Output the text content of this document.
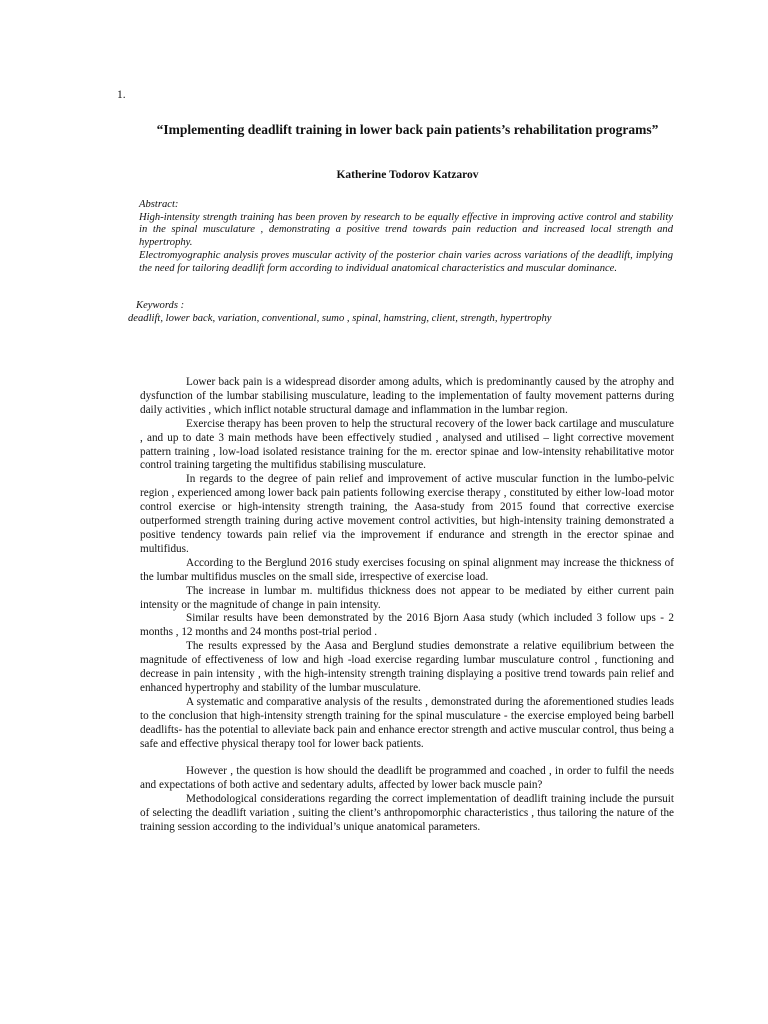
1.
“Implementing deadlift training in lower back pain patients’s rehabilitation programs”
Katherine Todorov Katzarov

Abstract:

High-intensity strength training has been proven by research to be equally effective in improving active control and stability in the spinal musculature , demonstrating a positive trend towards pain reduction and increased local strength and hypertrophy.

Electromyographic analysis proves muscular activity of the posterior chain varies across variations of the deadlift, implying the need for tailoring deadlift form according to individual anatomical characteristics and muscular dominance.

Keywords :
deadlift, lower back, variation, conventional, sumo , spinal, hamstring, client, strength, hypertrophy

Lower back pain is a widespread disorder among adults, which is predominantly caused by the atrophy and dysfunction of the lumbar stabilising musculature, leading to the implementation of faulty movement patterns during daily activities , which inflict notable structural damage and inflammation in the lumbar region.

Exercise therapy has been proven to help the structural recovery of the lower back cartilage and musculature , and up to date 3 main methods have been effectively studied , analysed and utilised – light corrective movement pattern training , low-load isolated resistance training for the m. erector spinae and low-intensity rehabilitative motor control training targeting the multifidus stabilising musculature.

In regards to the degree of pain relief and improvement of active muscular function in the lumbo-pelvic region , experienced among lower back pain patients following exercise therapy , constituted by either low-load motor control exercise or high-intensity strength training, the Aasa-study from 2015 found that corrective exercise outperformed strength training during active movement control activities, but high-intensity training demonstrated a positive tendency towards pain relief via the improvement if endurance and strength in the erector spinae and multifidus.

According to the Berglund 2016 study exercises focusing on spinal alignment may increase the thickness of the lumbar multifidus muscles on the small side, irrespective of exercise load.

The increase in lumbar m. multifidus thickness does not appear to be mediated by either current pain intensity or the magnitude of change in pain intensity.

Similar results have been demonstrated by the 2016 Bjorn Aasa study (which included 3 follow ups - 2 months , 12 months and 24 months post-trial period .

The results expressed by the Aasa and Berglund studies demonstrate a relative equilibrium between the magnitude of effectiveness of low and high -load exercise regarding lumbar musculature control , functioning and decrease in pain intensity , with the high-intensity strength training displaying a positive trend towards pain relief and enhanced hypertrophy and stability of the lumbar musculature.

A systematic and comparative analysis of the results , demonstrated during the aforementioned studies leads to the conclusion that high-intensity strength training for the spinal musculature - the exercise employed being barbell deadlifts- has the potential to alleviate back pain and enhance erector strength and active muscular control, thus being a safe and effective physical therapy tool for lower back patients.

However , the question is how should the deadlift be programmed and coached , in order to fulfil the needs and expectations of both active and sedentary adults, affected by lower back muscle pain?

Methodological considerations regarding the correct implementation of deadlift training include the pursuit of selecting the deadlift variation , suiting the client’s anthropomorphic characteristics , thus tailoring the nature of the training session according to the individual’s unique anatomical parameters.
